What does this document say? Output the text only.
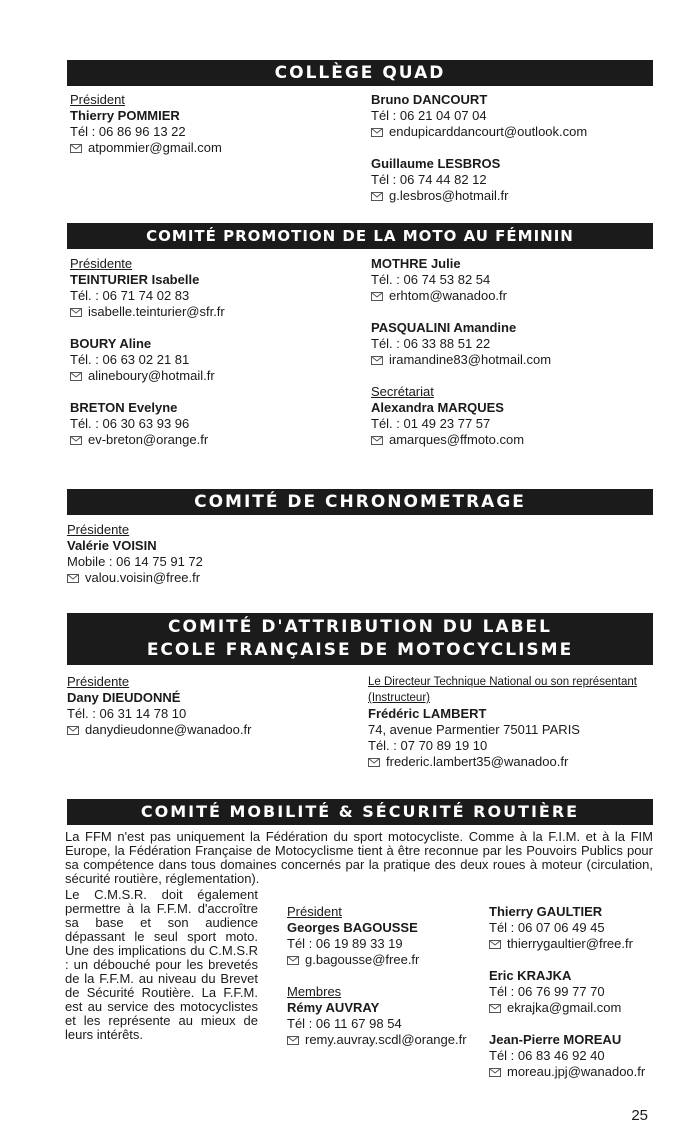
COLLÈGE QUAD
Président
Thierry POMMIER
Tél : 06 86 96 13 22
atpommier@gmail.com
Bruno DANCOURT
Tél : 06 21 04 07 04
endupicarddancourt@outlook.com
Guillaume LESBROS
Tél : 06 74 44 82 12
g.lesbros@hotmail.fr
COMITÉ PROMOTION DE LA MOTO AU FÉMININ
Présidente
TEINTURIER Isabelle
Tél. : 06 71 74 02 83
isabelle.teinturier@sfr.fr
BOURY Aline
Tél. : 06 63 02 21 81
alineboury@hotmail.fr
BRETON Evelyne
Tél. : 06 30 63 93 96
ev-breton@orange.fr
MOTHRE Julie
Tél. : 06 74 53 82 54
erhtom@wanadoo.fr
PASQUALINI Amandine
Tél. : 06 33 88 51 22
iramandine83@hotmail.com
Secrétariat
Alexandra MARQUES
Tél. : 01 49 23 77 57
amarques@ffmoto.com
COMITÉ DE CHRONOMETRAGE
Présidente
Valérie VOISIN
Mobile : 06 14 75 91 72
valou.voisin@free.fr
COMITÉ D'ATTRIBUTION DU LABEL
ECOLE FRANÇAISE DE MOTOCYCLISME
Présidente
Dany DIEUDONNÉ
Tél. : 06 31 14 78 10
danydieudonne@wanadoo.fr
Le Directeur Technique National ou son représentant
(Instructeur)
Frédéric LAMBERT
74, avenue Parmentier 75011 PARIS
Tél. : 07 70 89 19 10
frederic.lambert35@wanadoo.fr
COMITÉ MOBILITÉ & SÉCURITÉ ROUTIÈRE
La FFM n'est pas uniquement la Fédération du sport motocycliste. Comme à la F.I.M. et à la FIM Europe, la Fédération Française de Motocyclisme tient à être reconnue par les Pouvoirs Publics pour sa compétence dans tous domaines concernés par la pratique des deux roues à moteur (circulation, sécurité routière, réglementation).
Le C.M.S.R. doit également permettre à la F.F.M. d'accroître sa base et son audience dépassant le seul sport moto. Une des implications du C.M.S.R : un débouché pour les brevetés de la F.F.M. au niveau du Brevet de Sécurité Routière. La F.F.M. est au service des motocyclistes et les représente au mieux de leurs intérêts.
Président
Georges BAGOUSSE
Tél : 06 19 89 33 19
g.bagousse@free.fr
Membres
Rémy AUVRAY
Tél : 06 11 67 98 54
remy.auvray.scdl@orange.fr
Thierry GAULTIER
Tél : 06 07 06 49 45
thierrygaultier@free.fr
Eric KRAJKA
Tél : 06 76 99 77 70
ekrajka@gmail.com
Jean-Pierre MOREAU
Tél : 06 83 46 92 40
moreau.jpj@wanadoo.fr
25
